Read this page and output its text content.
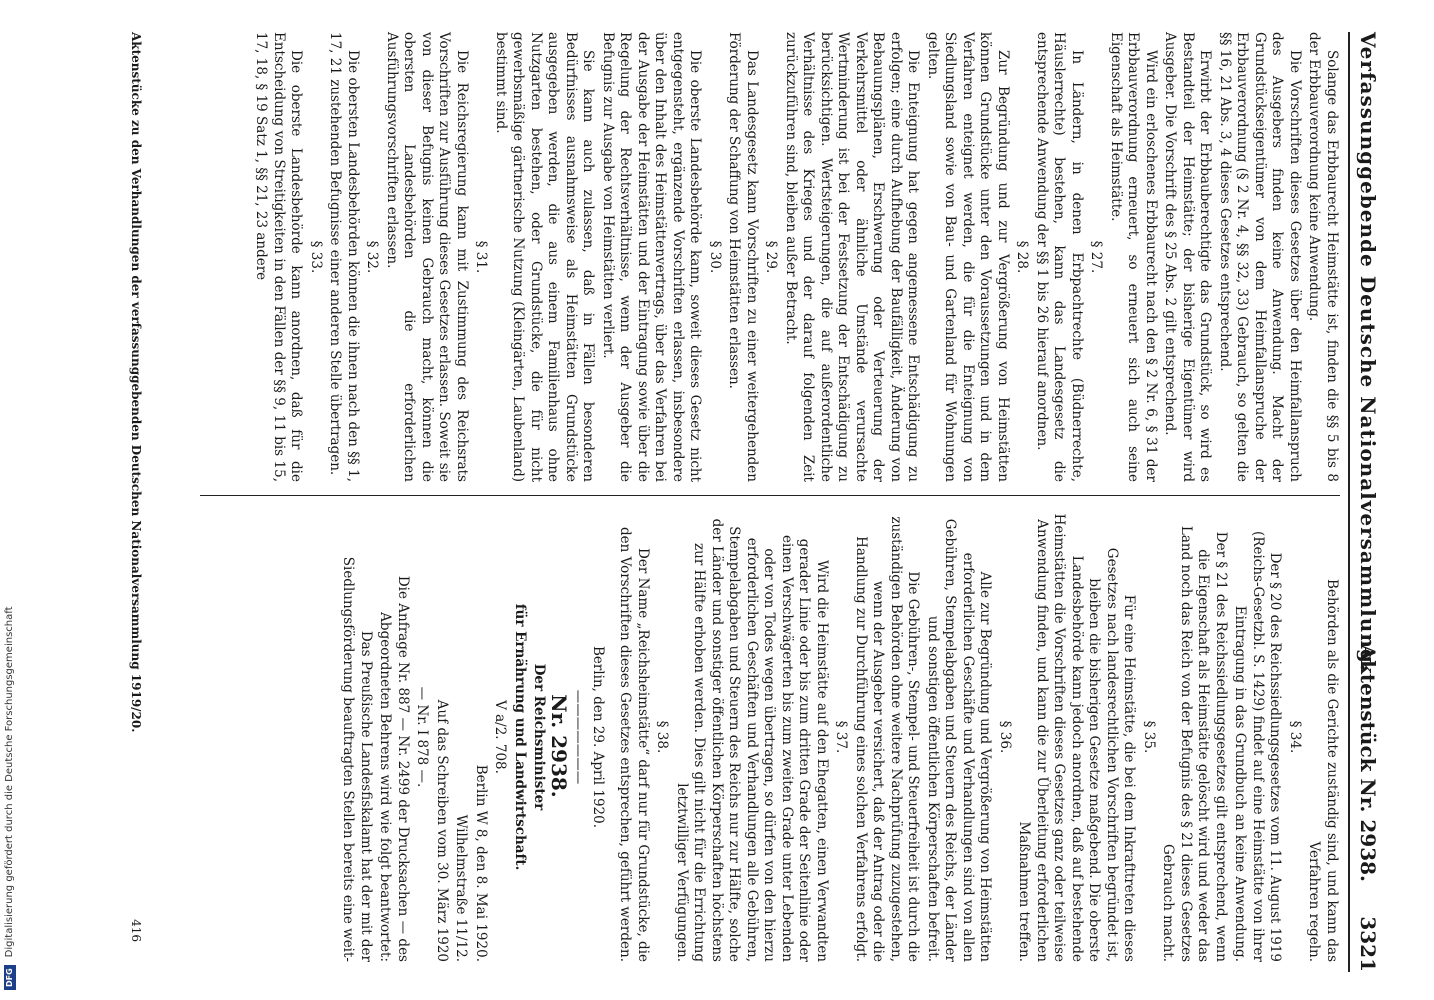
DFGDigitalisierung gefördert durch die Deutsche Forschungsgemeinschaft
Verfassunggebende Deutsche Nationalversammlung.
Aktenstück Nr. 2938.
3321

Solange das Erbbaurecht Heimstätte ist, finden die §§ 5 bis 8 der Erbbauverordnung keine Anwendung.

Die Vorschriften dieses Gesetzes über den Heimfallanspruch des Ausgebers finden keine Anwendung. Macht der Grundstückseigentümer von dem Heimfallanspruche der Erbbauverordnung (§ 2 Nr. 4, §§ 32, 33) Gebrauch, so gelten die §§ 16, 21 Abs. 3, 4 dieses Gesetzes entsprechend.

Erwirbt der Erbbauberechtigte das Grundstück, so wird es Bestandteil der Heimstätte; der bisherige Eigentümer wird Ausgeber. Die Vorschrift des § 25 Abs. 2 gilt entsprechend.

Wird ein erloschenes Erbbaurecht nach den § 2 Nr. 6, § 31 der Erbbauverordnung erneuert, so erneuert sich auch seine Eigenschaft als Heimstätte.

§ 27.

In Ländern, in denen Erbpachtrechte (Büdnerrechte, Häuslerrechte) bestehen, kann das Landesgesetz die entsprechende Anwendung der §§ 1 bis 26 hierauf anordnen.

§ 28.

Zur Begründung und zur Vergrößerung von Heimstätten können Grundstücke unter den Voraussetzungen und in dem Verfahren enteignet werden, die für die Enteignung von Siedlungsland sowie von Bau- und Gartenland für Wohnungen gelten.

Die Enteignung hat gegen angemessene Entschädigung zu erfolgen; eine durch Aufhebung der Baufälligkeit, Änderung von Bebauungsplänen, Erschwerung oder Verteuerung der Verkehrsmittel oder ähnliche Umstände verursachte Wertminderung ist bei der Festsetzung der Entschädigung zu berücksichtigen. Wertsteigerungen, die auf außerordentliche Verhältnisse des Krieges und der darauf folgenden Zeit zurückzuführen sind, bleiben außer Betracht.

§ 29.

Das Landesgesetz kann Vorschriften zu einer weitergehenden Förderung der Schaffung von Heimstätten erlassen.

§ 30.

Die oberste Landesbehörde kann, soweit dieses Gesetz nicht entgegensteht, ergänzende Vorschriften erlassen, insbesondere über den Inhalt des Heimstättenvertrags, über das Verfahren bei der Ausgabe der Heimstätten und der Eintragung sowie über die Regelung der Rechtsverhältnisse, wenn der Ausgeber die Befugnis zur Ausgabe von Heimstätten verliert.

Sie kann auch zulassen, daß in Fällen besonderen Bedürfnisses ausnahmsweise als Heimstätten Grundstücke ausgegeben werden, die aus einem Familienhaus ohne Nutzgarten bestehen, oder Grundstücke, die für nicht gewerbsmäßige gärtnerische Nutzung (Kleingärten, Laubenland) bestimmt sind.

§ 31.

Die Reichsregierung kann mit Zustimmung des Reichsrats Vorschriften zur Ausführung dieses Gesetzes erlassen. Soweit sie von dieser Befugnis keinen Gebrauch macht, können die obersten Landesbehörden die erforderlichen Ausführungsvorschriften erlassen.

§ 32.

Die obersten Landesbehörden können die ihnen nach den §§ 1, 17, 21 zustehenden Befugnisse einer anderen Stelle übertragen.

§ 33.

Die oberste Landesbehörde kann anordnen, daß für die Entscheidung von Streitigkeiten in den Fällen der §§ 9, 11 bis 15, 17, 18, § 19 Satz 1, §§ 21, 23 andere

Behörden als die Gerichte zuständig sind, und kann das Verfahren regeln.

§ 34.

Der § 20 des Reichssiedlungsgesetzes vom 11. August 1919 (Reichs-Gesetzbl. S. 1429) findet auf eine Heimstätte von ihrer Eintragung in das Grundbuch an keine Anwendung.

Der § 21 des Reichssiedlungsgesetzes gilt entsprechend, wenn die Eigenschaft als Heimstätte gelöscht wird und weder das Land noch das Reich von der Befugnis des § 21 dieses Gesetzes Gebrauch macht.

§ 35.

Für eine Heimstätte, die bei dem Inkrafttreten dieses Gesetzes nach landesrechtlichen Vorschriften begründet ist, bleiben die bisherigen Gesetze maßgebend. Die oberste Landesbehörde kann jedoch anordnen, daß auf bestehende Heimstätten die Vorschriften dieses Gesetzes ganz oder teilweise Anwendung finden, und kann die zur Überleitung erforderlichen Maßnahmen treffen.

§ 36.

Alle zur Begründung und Vergrößerung von Heimstätten erforderlichen Geschäfte und Verhandlungen sind von allen Gebühren, Stempelabgaben und Steuern des Reichs, der Länder und sonstigen öffentlichen Körperschaften befreit.

Die Gebühren-, Stempel- und Steuerfreiheit ist durch die zuständigen Behörden ohne weitere Nachprüfung zuzugestehen, wenn der Ausgeber versichert, daß der Antrag oder die Handlung zur Durchführung eines solchen Verfahrens erfolgt.

§ 37.

Wird die Heimstätte auf den Ehegatten, einen Verwandten gerader Linie oder bis zum dritten Grade der Seitenlinie oder einen Verschwägerten bis zum zweiten Grade unter Lebenden oder von Todes wegen übertragen, so dürfen von den hierzu erforderlichen Geschäften und Verhandlungen alle Gebühren, Stempelabgaben und Steuern des Reichs nur zur Hälfte, solche der Länder und sonstiger öffentlichen Körperschaften höchstens zur Hälfte erhoben werden. Dies gilt nicht für die Errichtung letztwilliger Verfügungen.

§ 38.

Der Name „Reichsheimstätte“ darf nur für Grundstücke, die den Vorschriften dieses Gesetzes entsprechen, geführt werden.

Berlin, den 29. April 1920.

———————

Nr. 2938.

Der Reichsminister

für Ernährung und Landwirtschaft.

V a/2. 708.

Berlin W 8, den 8. Mai 1920.

Wilhelmstraße 11/12.

Auf das Schreiben vom 30. März 1920

— Nr. I 878 —.

Die Anfrage Nr. 887 — Nr. 2499 der Drucksachen — des Abgeordneten Behrens wird wie folgt beantwortet:

Das Preußische Landesfiskalamt hat der mit der Siedlungsförderung beauftragten Stellen bereits eine weit-

Aktenstücke zu den Verhandlungen der verfassunggebenden Deutschen Nationalversammlung 1919/20.
416
